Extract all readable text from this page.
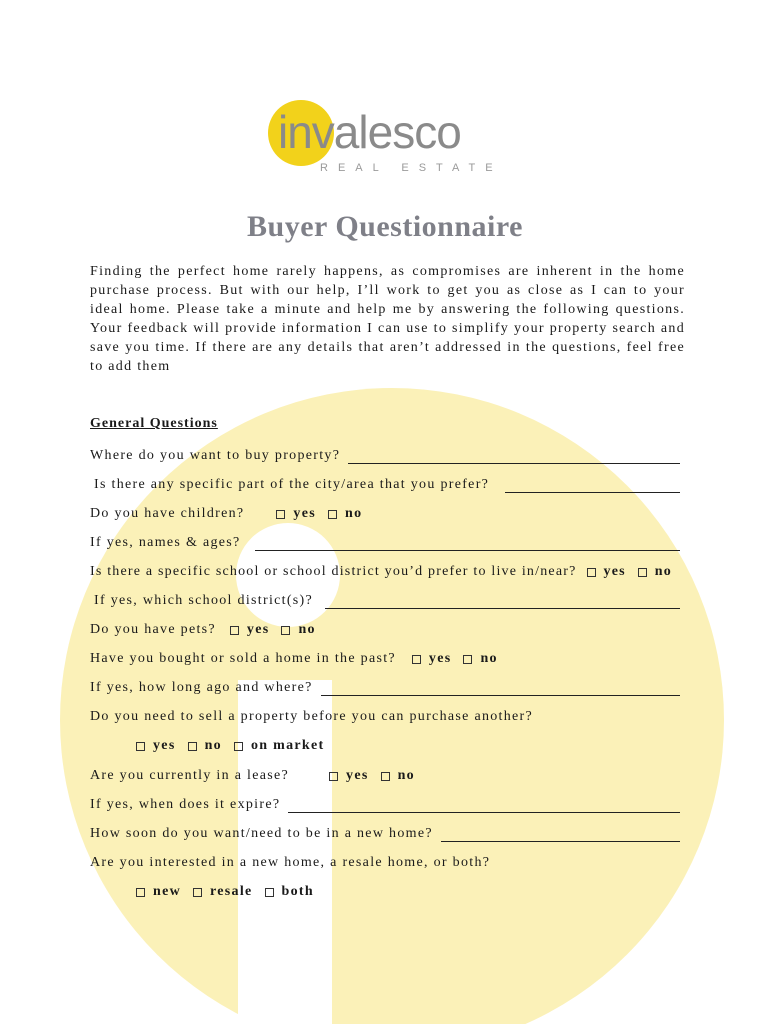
invalesco
REAL ESTATE
Buyer Questionnaire
Finding the perfect home rarely happens, as compromises are inherent in the home purchase process. But with our help, I’ll work to get you as close as I can to your ideal home. Please take a minute and help me by answering the following questions. Your feedback will provide information I can use to simplify your property search and save you time. If there are any details that aren’t addressed in the questions, feel free to add them
General Questions
Where do you want to buy property?
Is there any specific part of the city/area that you prefer?
Do you have children?	yes no
If yes, names & ages?
Is there a specific school or school district you’d prefer to live in/near? yes no
If yes, which school district(s)?
Do you have pets? yes no
Have you bought or sold a home in the past? yes no
If yes, how long ago and where?
Do you need to sell a property before you can purchase another?
yes no on market
Are you currently in a lease?	yes no
If yes, when does it expire?
How soon do you want/need to be in a new home?
Are you interested in a new home, a resale home, or both?
new resale both
